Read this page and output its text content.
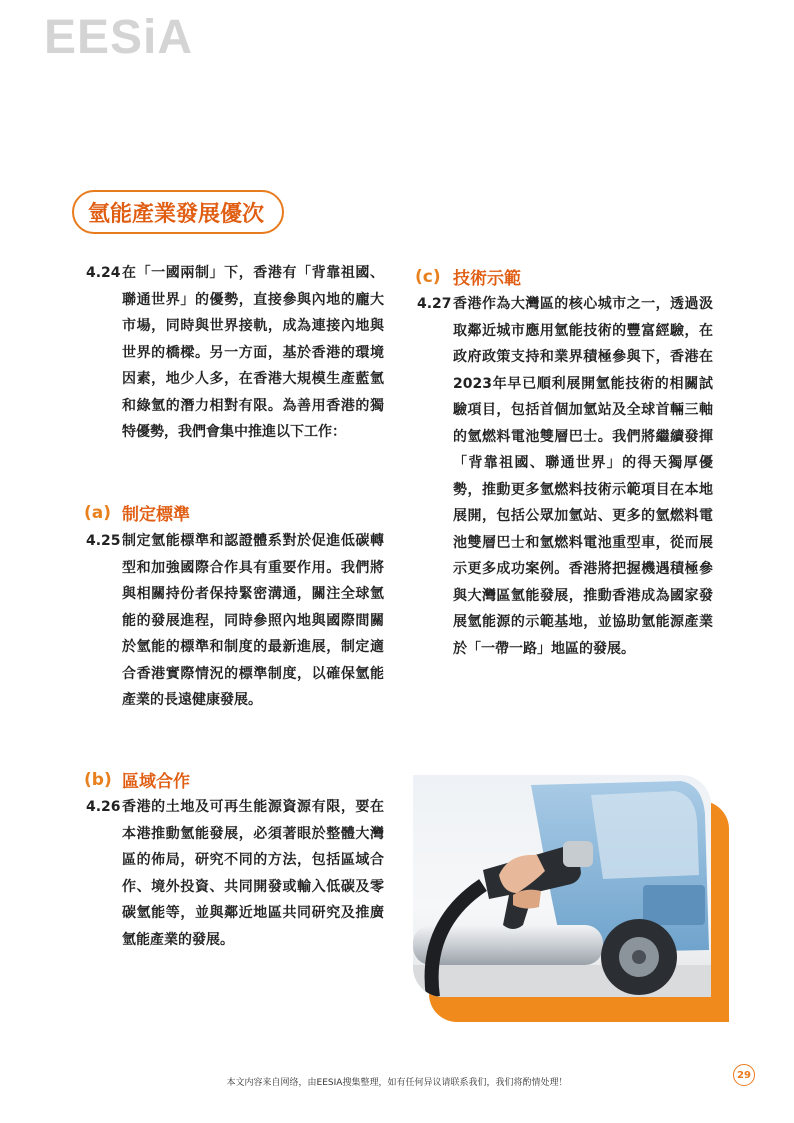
EESiA
氫能產業發展優次
4.24 在「一國兩制」下，香港有「背靠祖國、聯通世界」的優勢，直接參與內地的龐大市場，同時與世界接軌，成為連接內地與世界的橋樑。另一方面，基於香港的環境因素，地少人多，在香港大規模生產藍氫和綠氫的潛力相對有限。為善用香港的獨特優勢，我們會集中推進以下工作：
(a) 制定標準
4.25 制定氫能標準和認證體系對於促進低碳轉型和加強國際合作具有重要作用。我們將與相關持份者保持緊密溝通，關注全球氫能的發展進程，同時參照內地與國際間關於氫能的標準和制度的最新進展，制定適合香港實際情況的標準制度，以確保氫能產業的長遠健康發展。
(b) 區域合作
4.26 香港的土地及可再生能源資源有限，要在本港推動氫能發展，必須著眼於整體大灣區的佈局，研究不同的方法，包括區域合作、境外投資、共同開發或輸入低碳及零碳氫能等，並與鄰近地區共同研究及推廣氫能產業的發展。
(c) 技術示範
4.27 香港作為大灣區的核心城市之一，透過汲取鄰近城市應用氫能技術的豐富經驗，在政府政策支持和業界積極參與下，香港在2023年早已順利展開氫能技術的相關試驗項目，包括首個加氫站及全球首輛三軸的氫燃料電池雙層巴士。我們將繼續發揮「背靠祖國、聯通世界」的得天獨厚優勢，推動更多氫燃料技術示範項目在本地展開，包括公眾加氫站、更多的氫燃料電池雙層巴士和氫燃料電池重型車，從而展示更多成功案例。香港將把握機遇積極參與大灣區氫能發展，推動香港成為國家發展氫能源的示範基地，並協助氫能源產業於「一帶一路」地區的發展。
本文内容来自网络，由EESIA搜集整理，如有任何异议请联系我们，我们将酌情处理！
29
